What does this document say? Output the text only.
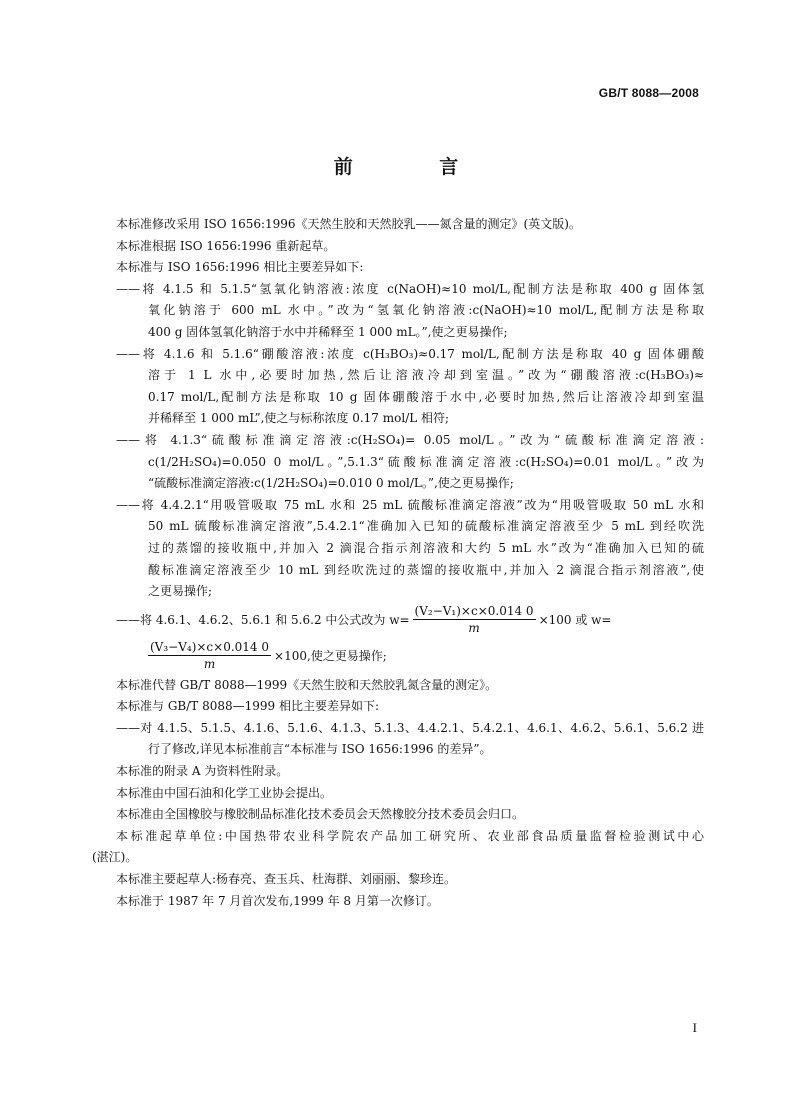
GB/T 8088—2008
前 言
本标准修改采用 ISO 1656:1996《天然生胶和天然胶乳——氮含量的测定》(英文版)。
本标准根据 ISO 1656:1996 重新起草。
本标准与 ISO 1656:1996 相比主要差异如下:
——将 4.1.5 和 5.1.5“氢氧化钠溶液:浓度 c(NaOH)≈10 mol/L,配制方法是称取 400 g 固体氢
氧化钠溶于 600 mL 水中。”改为“氢氧化钠溶液:c(NaOH)≈10 mol/L,配制方法是称取
400 g 固体氢氧化钠溶于水中并稀释至 1 000 mL。”,使之更易操作;
——将 4.1.6 和 5.1.6“硼酸溶液:浓度 c(H₃BO₃)≈0.17 mol/L,配制方法是称取 40 g 固体硼酸
溶于 1 L 水中,必要时加热,然后让溶液冷却到室温。”改为“硼酸溶液:c(H₃BO₃)≈
0.17 mol/L,配制方法是称取 10 g 固体硼酸溶于水中,必要时加热,然后让溶液冷却到室温
并稀释至 1 000 mL”,使之与标称浓度 0.17 mol/L 相符;
——将 4.1.3“硫酸标准滴定溶液:c(H₂SO₄)= 0.05 mol/L。”改为“硫酸标准滴定溶液:
c(1/2H₂SO₄)=0.050 0 mol/L。”,5.1.3“硫酸标准滴定溶液:c(H₂SO₄)=0.01 mol/L。”改为
“硫酸标准滴定溶液:c(1/2H₂SO₄)=0.010 0 mol/L。”,使之更易操作;
——将 4.4.2.1“用吸管吸取 75 mL 水和 25 mL 硫酸标准滴定溶液”改为“用吸管吸取 50 mL 水和
50 mL 硫酸标准滴定溶液”,5.4.2.1“准确加入已知的硫酸标准滴定溶液至少 5 mL 到经吹洗
过的蒸馏的接收瓶中,并加入 2 滴混合指示剂溶液和大约 5 mL 水”改为“准确加入已知的硫
酸标准滴定溶液至少 10 mL 到经吹洗过的蒸馏的接收瓶中,并加入 2 滴混合指示剂溶液”,使
之更易操作;
——将 4.6.1、4.6.2、5.6.1 和 5.6.2 中公式改为 $w= \frac{\text{(V₂−V₁)×c×0.014 0}}{m} \times 100$ 或 w=
$\frac{\text{(V₃−V₄)×c×0.014 0}}{m} \times 100$,使之更易操作;
本标准代替 GB/T 8088—1999《天然生胶和天然胶乳氮含量的测定》。
本标准与 GB/T 8088—1999 相比主要差异如下:
——对 4.1.5、5.1.5、4.1.6、5.1.6、4.1.3、5.1.3、4.4.2.1、5.4.2.1、4.6.1、4.6.2、5.6.1、5.6.2 进
行了修改,详见本标准前言“本标准与 ISO 1656:1996 的差异”。
本标准的附录 A 为资料性附录。
本标准由中国石油和化学工业协会提出。
本标准由全国橡胶与橡胶制品标准化技术委员会天然橡胶分技术委员会归口。
本标准起草单位:中国热带农业科学院农产品加工研究所、农业部食品质量监督检验测试中心
(湛江)。
本标准主要起草人:杨春亮、查玉兵、杜海群、刘丽丽、黎珍连。
本标准于 1987 年 7 月首次发布,1999 年 8 月第一次修订。
I
